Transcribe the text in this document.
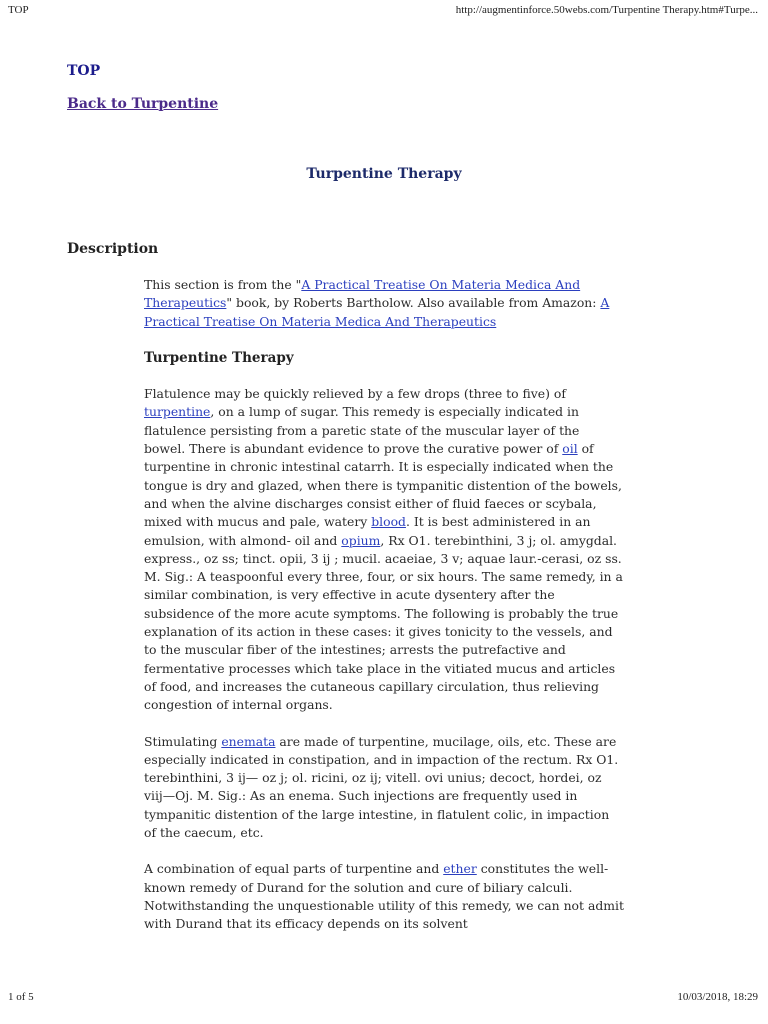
TOP	http://augmentinforce.50webs.com/Turpentine Therapy.htm#Turpe...
TOP
Back to Turpentine
Turpentine Therapy
Description

This section is from the "A Practical Treatise On Materia Medica And Therapeutics" book, by Roberts Bartholow. Also available from Amazon: A Practical Treatise On Materia Medica And Therapeutics

Turpentine Therapy

Flatulence may be quickly relieved by a few drops (three to five) of turpentine, on a lump of sugar. This remedy is especially indicated in flatulence persisting from a paretic state of the muscular layer of the bowel. There is abundant evidence to prove the curative power of oil of turpentine in chronic intestinal catarrh. It is especially indicated when the tongue is dry and glazed, when there is tympanitic distention of the bowels, and when the alvine discharges consist either of fluid faeces or scybala, mixed with mucus and pale, watery blood. It is best administered in an emulsion, with almond- oil and opium, Rx O1. terebinthini, 3 j; ol. amygdal. express., oz ss; tinct. opii, 3 ij ; mucil. acaeiae, 3 v; aquae laur.-cerasi, oz ss. M. Sig.: A teaspoonful every three, four, or six hours. The same remedy, in a similar combination, is very effective in acute dysentery after the subsidence of the more acute symptoms. The following is probably the true explanation of its action in these cases: it gives tonicity to the vessels, and to the muscular fiber of the intestines; arrests the putrefactive and fermentative processes which take place in the vitiated mucus and articles of food, and increases the cutaneous capillary circulation, thus relieving congestion of internal organs.

Stimulating enemata are made of turpentine, mucilage, oils, etc. These are especially indicated in constipation, and in impaction of the rectum. Rx O1. terebinthini, 3 ij— oz j; ol. ricini, oz ij; vitell. ovi unius; decoct, hordei, oz viij—Oj. M. Sig.: As an enema. Such injections are frequently used in tympanitic distention of the large intestine, in flatulent colic, in impaction of the caecum, etc.

A combination of equal parts of turpentine and ether constitutes the well-known remedy of Durand for the solution and cure of biliary calculi. Notwithstanding the unquestionable utility of this remedy, we can not admit with Durand that its efficacy depends on its solvent

1 of 5	10/03/2018, 18:29
